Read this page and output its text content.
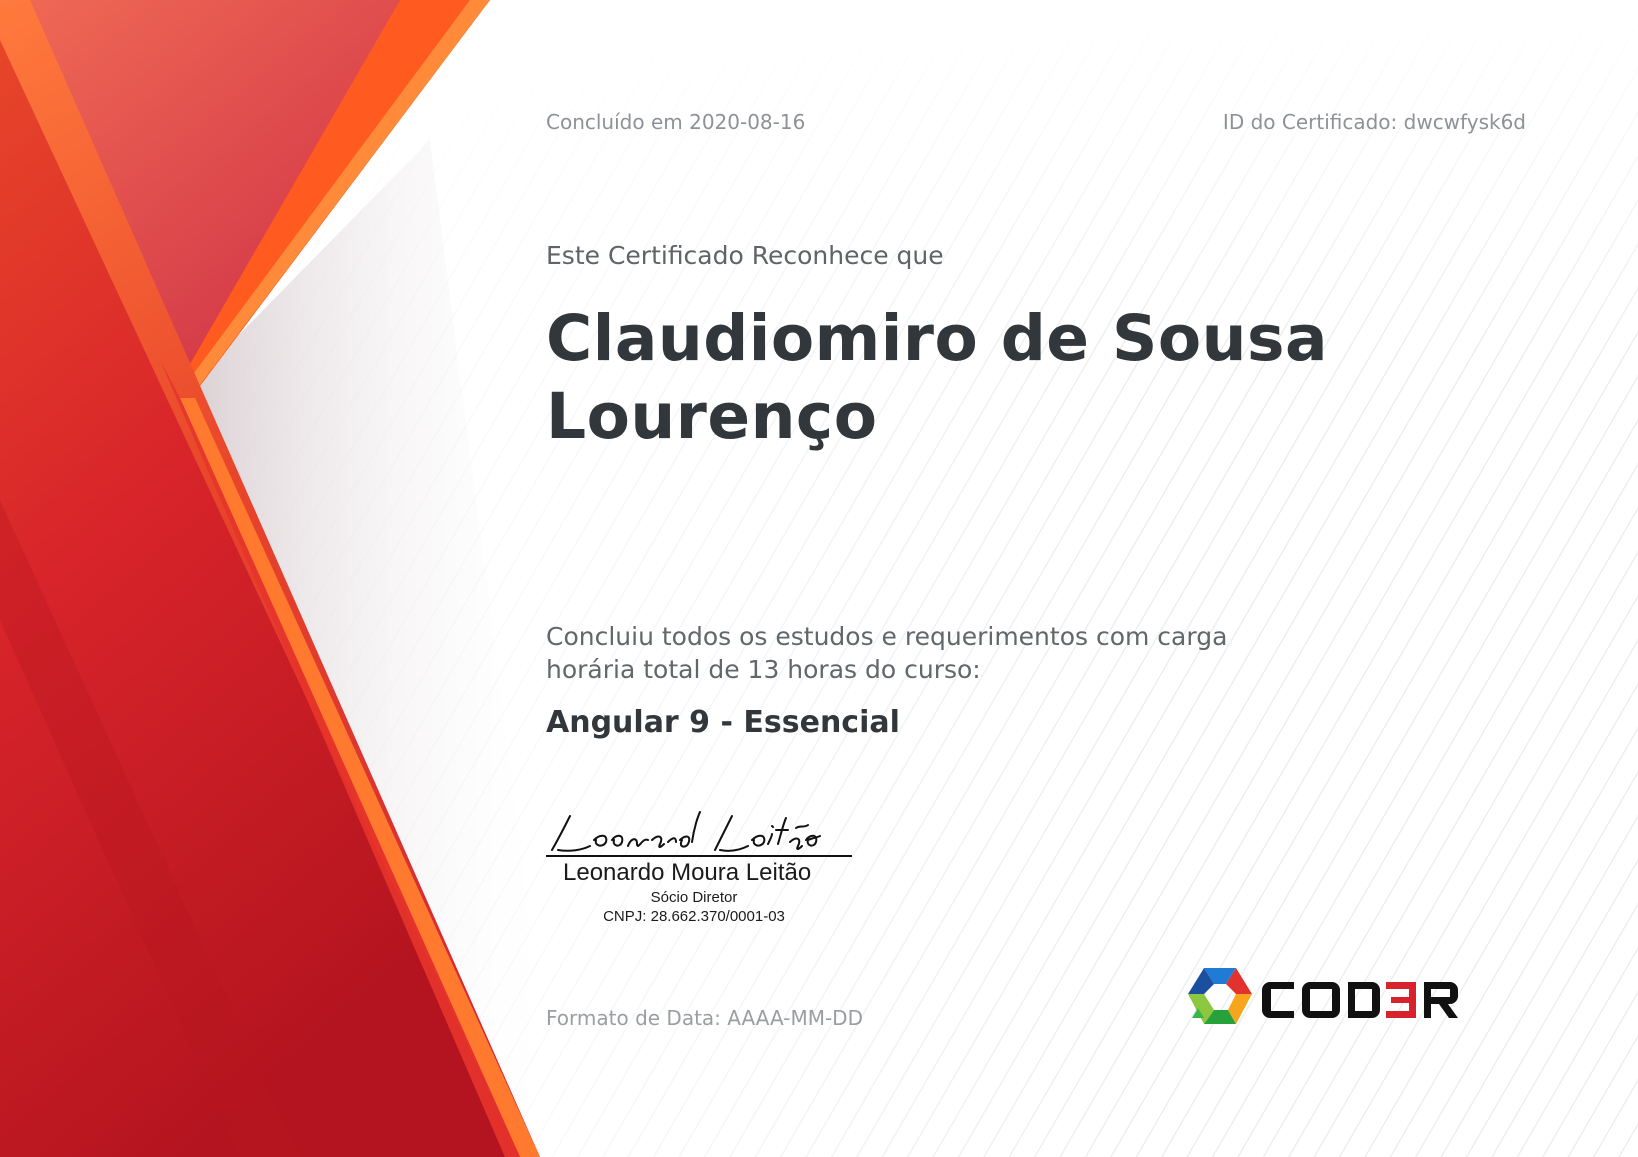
Concluído em 2020-08-16	ID do Certificado: dwcwfysk6d
Este Certificado Reconhece que
Claudiomiro de Sousa
Lourenço
Concluiu todos os estudos e requerimentos com carga
horária total de 13 horas do curso:
Angular 9 - Essencial
Leonardo Moura Leitão
Sócio Diretor
CNPJ: 28.662.370/0001-03
Formato de Data: AAAA-MM-DD
